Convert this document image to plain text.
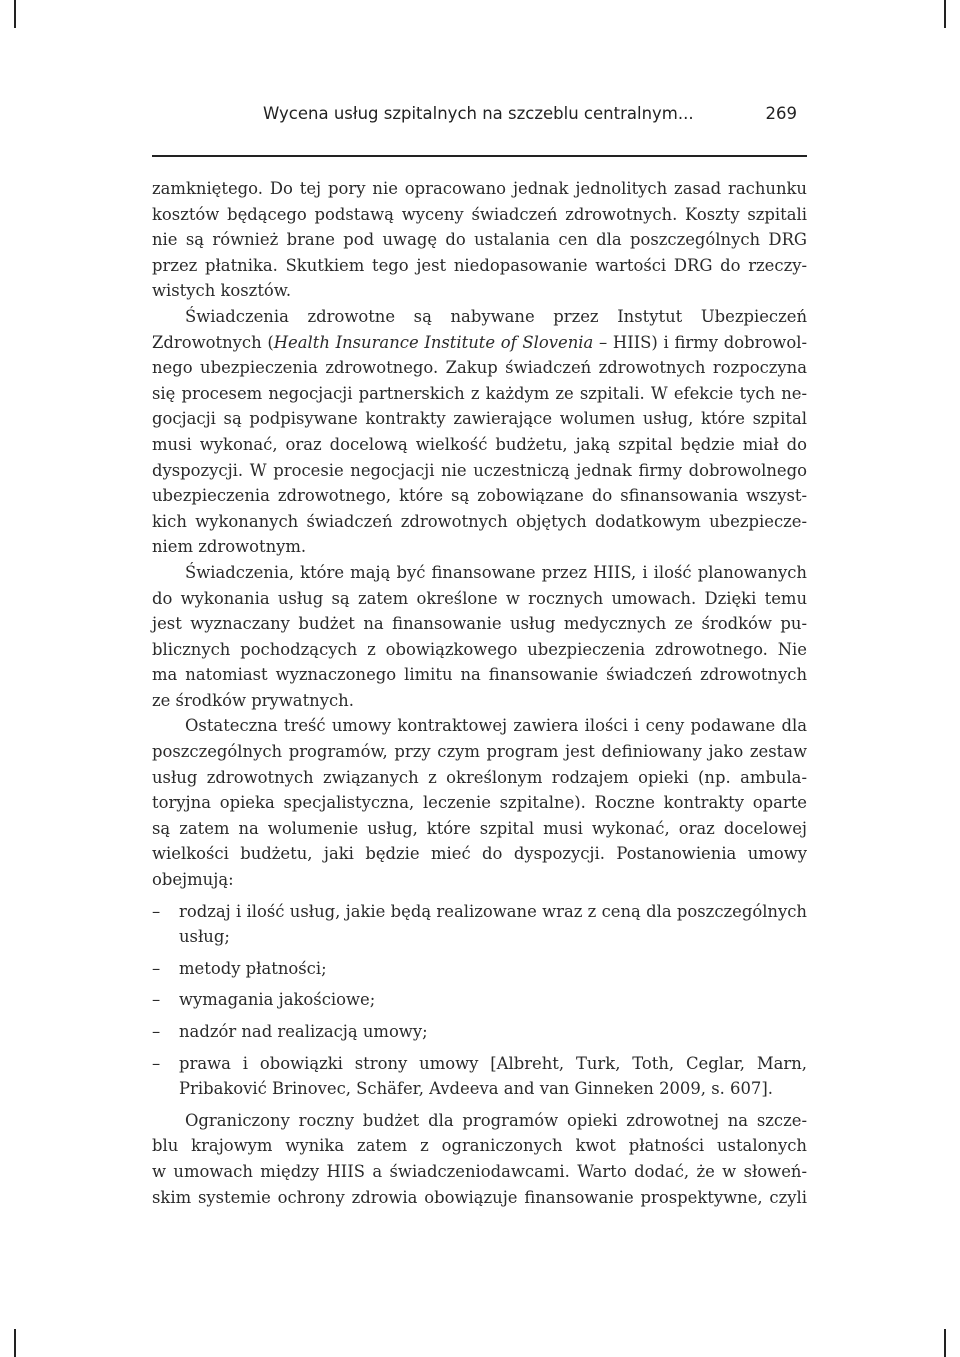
Wycena usług szpitalnych na szczeblu centralnym...	269
zamkniętego. Do tej pory nie opracowano jednak jednolitych zasad rachunku
kosztów będącego podstawą wyceny świadczeń zdrowotnych. Koszty szpitali
nie są również brane pod uwagę do ustalania cen dla poszczególnych DRG
przez płatnika. Skutkiem tego jest niedopasowanie wartości DRG do rzeczy-
wistych kosztów.
Świadczenia zdrowotne są nabywane przez Instytut Ubezpieczeń
Zdrowotnych (Health Insurance Institute of Slovenia – HIIS) i firmy dobrowol-
nego ubezpieczenia zdrowotnego. Zakup świadczeń zdrowotnych rozpoczyna
się procesem negocjacji partnerskich z każdym ze szpitali. W efekcie tych ne-
gocjacji są podpisywane kontrakty zawierające wolumen usług, które szpital
musi wykonać, oraz docelową wielkość budżetu, jaką szpital będzie miał do
dyspozycji. W procesie negocjacji nie uczestniczą jednak firmy dobrowolnego
ubezpieczenia zdrowotnego, które są zobowiązane do sfinansowania wszyst-
kich wykonanych świadczeń zdrowotnych objętych dodatkowym ubezpiecze-
niem zdrowotnym.
Świadczenia, które mają być finansowane przez HIIS, i ilość planowanych
do wykonania usług są zatem określone w rocznych umowach. Dzięki temu
jest wyznaczany budżet na finansowanie usług medycznych ze środków pu-
blicznych pochodzących z obowiązkowego ubezpieczenia zdrowotnego. Nie
ma natomiast wyznaczonego limitu na finansowanie świadczeń zdrowotnych
ze środków prywatnych.
Ostateczna treść umowy kontraktowej zawiera ilości i ceny podawane dla
poszczególnych programów, przy czym program jest definiowany jako zestaw
usług zdrowotnych związanych z określonym rodzajem opieki (np. ambula-
toryjna opieka specjalistyczna, leczenie szpitalne). Roczne kontrakty oparte
są zatem na wolumenie usług, które szpital musi wykonać, oraz docelowej
wielkości budżetu, jaki będzie mieć do dyspozycji. Postanowienia umowy
obejmują:
–	rodzaj i ilość usług, jakie będą realizowane wraz z ceną dla poszczególnych
usług;
–	metody płatności;
–	wymagania jakościowe;
–	nadzór nad realizacją umowy;
–	prawa i obowiązki strony umowy [Albreht, Turk, Toth, Ceglar, Marn,
Pribaković Brinovec, Schäfer, Avdeeva and van Ginneken 2009, s. 607].
Ograniczony roczny budżet dla programów opieki zdrowotnej na szcze-
blu krajowym wynika zatem z ograniczonych kwot płatności ustalonych
w umowach między HIIS a świadczeniodawcami. Warto dodać, że w słoweń-
skim systemie ochrony zdrowia obowiązuje finansowanie prospektywne, czyli
